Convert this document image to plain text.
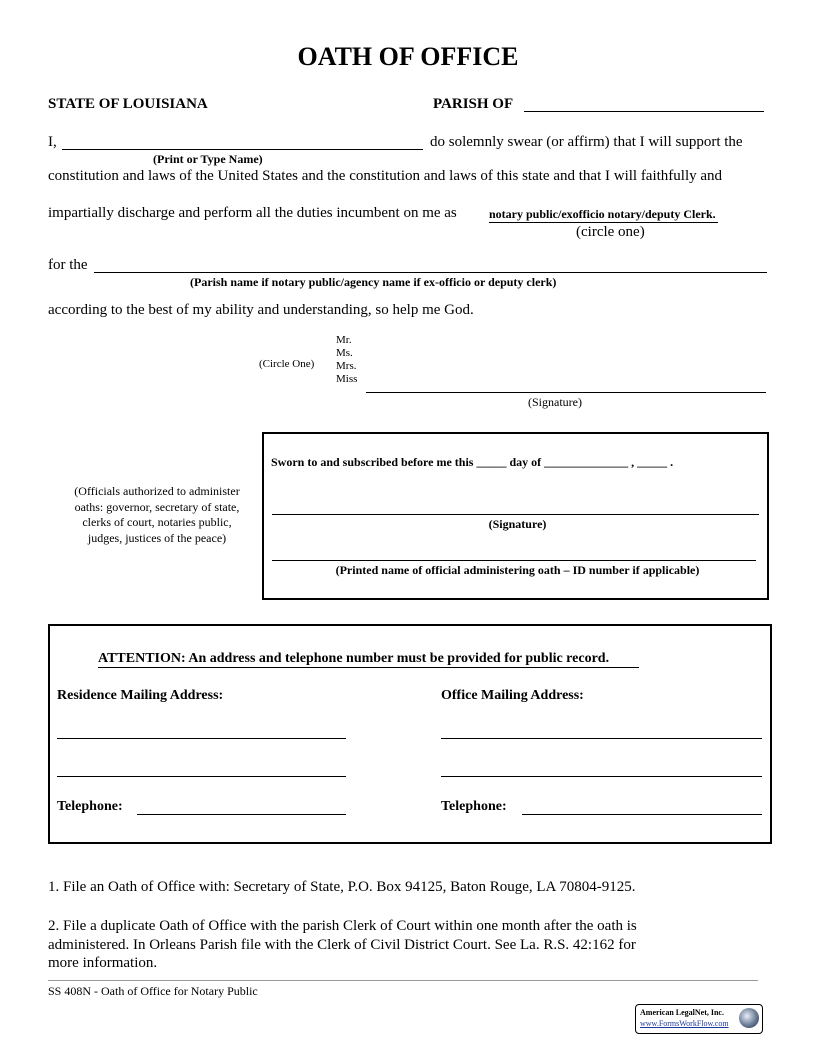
OATH OF OFFICE
STATE OF LOUISIANA	PARISH OF
I,	do solemnly swear (or affirm) that I will support the
(Print or Type Name)
constitution and laws of the United States and the constitution and laws of this state and that I will faithfully and
impartially discharge and perform all the duties incumbent on me as	notary public/exofficio notary/deputy Clerk.
(circle one)
for the
(Parish name if notary public/agency name if ex-officio or deputy clerk)
according to the best of my ability and understanding, so help me God.
(Circle One)
Mr.
Ms.
Mrs.
Miss
(Signature)
(Officials authorized to administer
oaths: governor, secretary of state,
clerks of court, notaries public,
judges, justices of the peace)
Sworn to and subscribed before me this _____ day of ______________ , _____ .
(Signature)
(Printed name of official administering oath – ID number if applicable)
ATTENTION: An address and telephone number must be provided for public record.
Residence Mailing Address:	Office Mailing Address:
Telephone:	Telephone:
1. File an Oath of Office with: Secretary of State, P.O. Box 94125, Baton Rouge, LA 70804-9125.
2. File a duplicate Oath of Office with the parish Clerk of Court within one month after the oath is
administered. In Orleans Parish file with the Clerk of Civil District Court. See La. R.S. 42:162 for
more information.
SS 408N - Oath of Office for Notary Public
American LegalNet, Inc.
www.FormsWorkFlow.com
